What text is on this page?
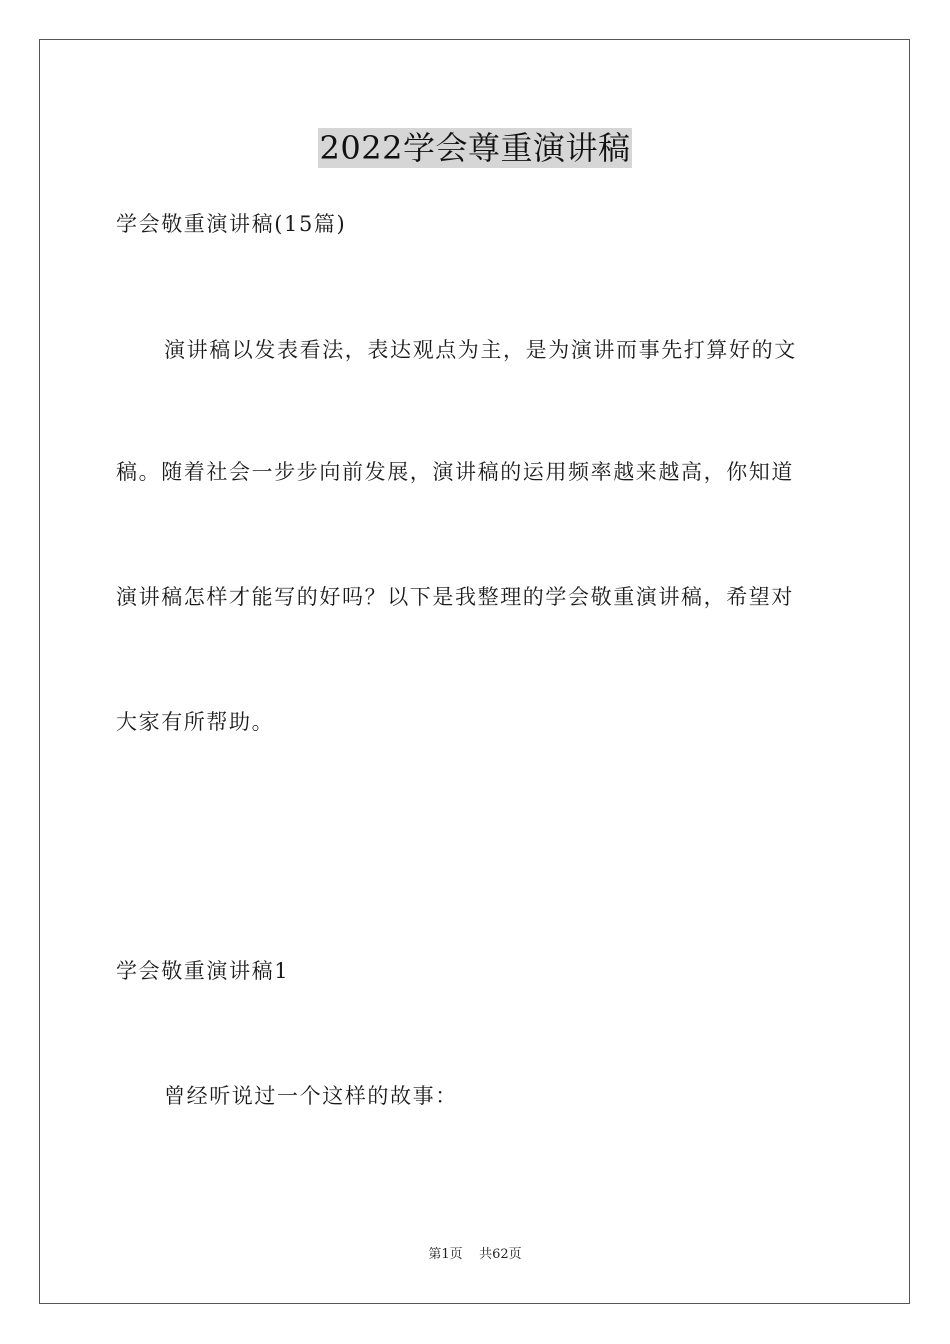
2022学会尊重演讲稿
学会敬重演讲稿(15篇)
演讲稿以发表看法，表达观点为主，是为演讲而事先打算好的文
稿。随着社会一步步向前发展，演讲稿的运用频率越来越高，你知道
演讲稿怎样才能写的好吗？以下是我整理的学会敬重演讲稿，希望对
大家有所帮助。
学会敬重演讲稿1
曾经听说过一个这样的故事：
第1页    共62页
